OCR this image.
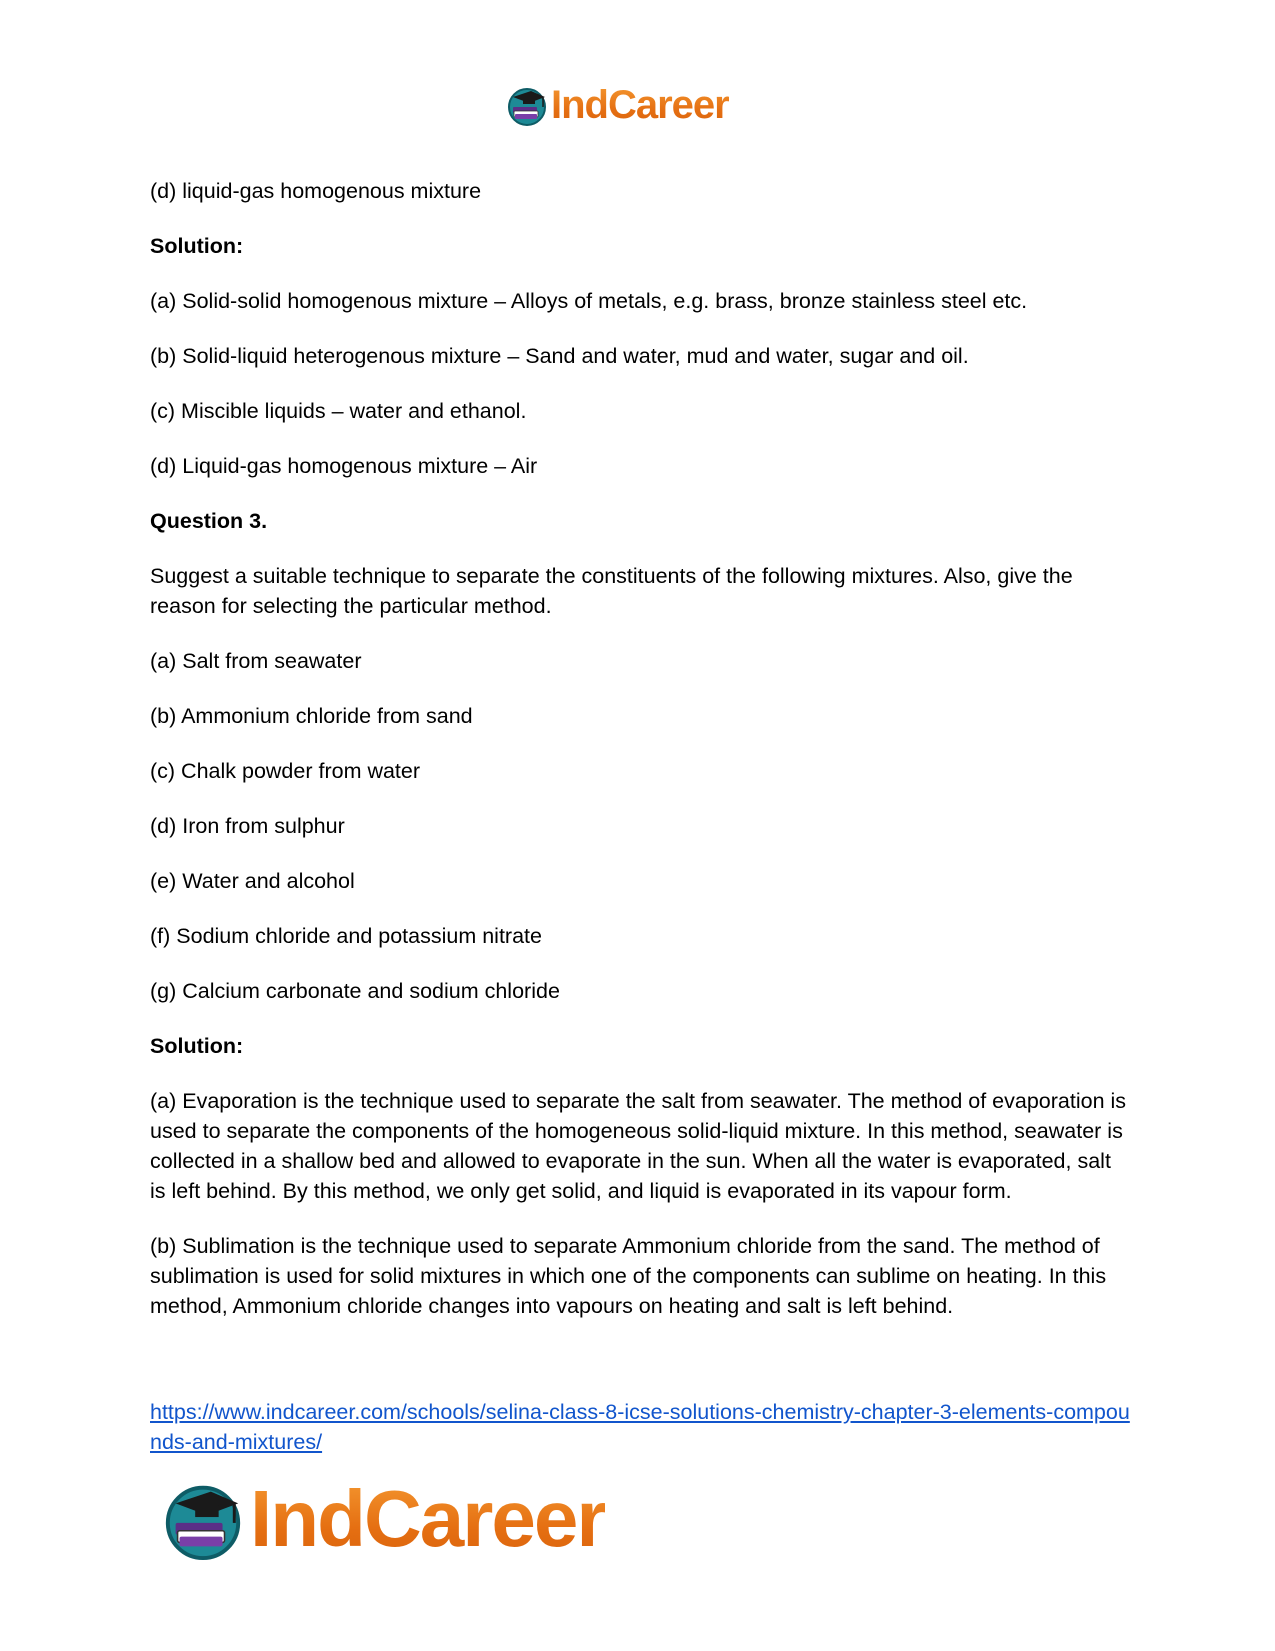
IndCareer

(d) liquid-gas homogenous mixture

Solution:

(a) Solid-solid homogenous mixture – Alloys of metals, e.g. brass, bronze stainless steel etc.

(b) Solid-liquid heterogenous mixture – Sand and water, mud and water, sugar and oil.

(c) Miscible liquids – water and ethanol.

(d) Liquid-gas homogenous mixture – Air

Question 3.

Suggest a suitable technique to separate the constituents of the following mixtures. Also, give the reason for selecting the particular method.

(a) Salt from seawater

(b) Ammonium chloride from sand

(c) Chalk powder from water

(d) Iron from sulphur

(e) Water and alcohol

(f) Sodium chloride and potassium nitrate

(g) Calcium carbonate and sodium chloride

Solution:

(a) Evaporation is the technique used to separate the salt from seawater. The method of evaporation is used to separate the components of the homogeneous solid-liquid mixture. In this method, seawater is collected in a shallow bed and allowed to evaporate in the sun. When all the water is evaporated, salt is left behind. By this method, we only get solid, and liquid is evaporated in its vapour form.

(b) Sublimation is the technique used to separate Ammonium chloride from the sand. The method of sublimation is used for solid mixtures in which one of the components can sublime on heating. In this method, Ammonium chloride changes into vapours on heating and salt is left behind.

https://www.indcareer.com/schools/selina-class-8-icse-solutions-chemistry-chapter-3-elements-compounds-and-mixtures/
IndCareer
